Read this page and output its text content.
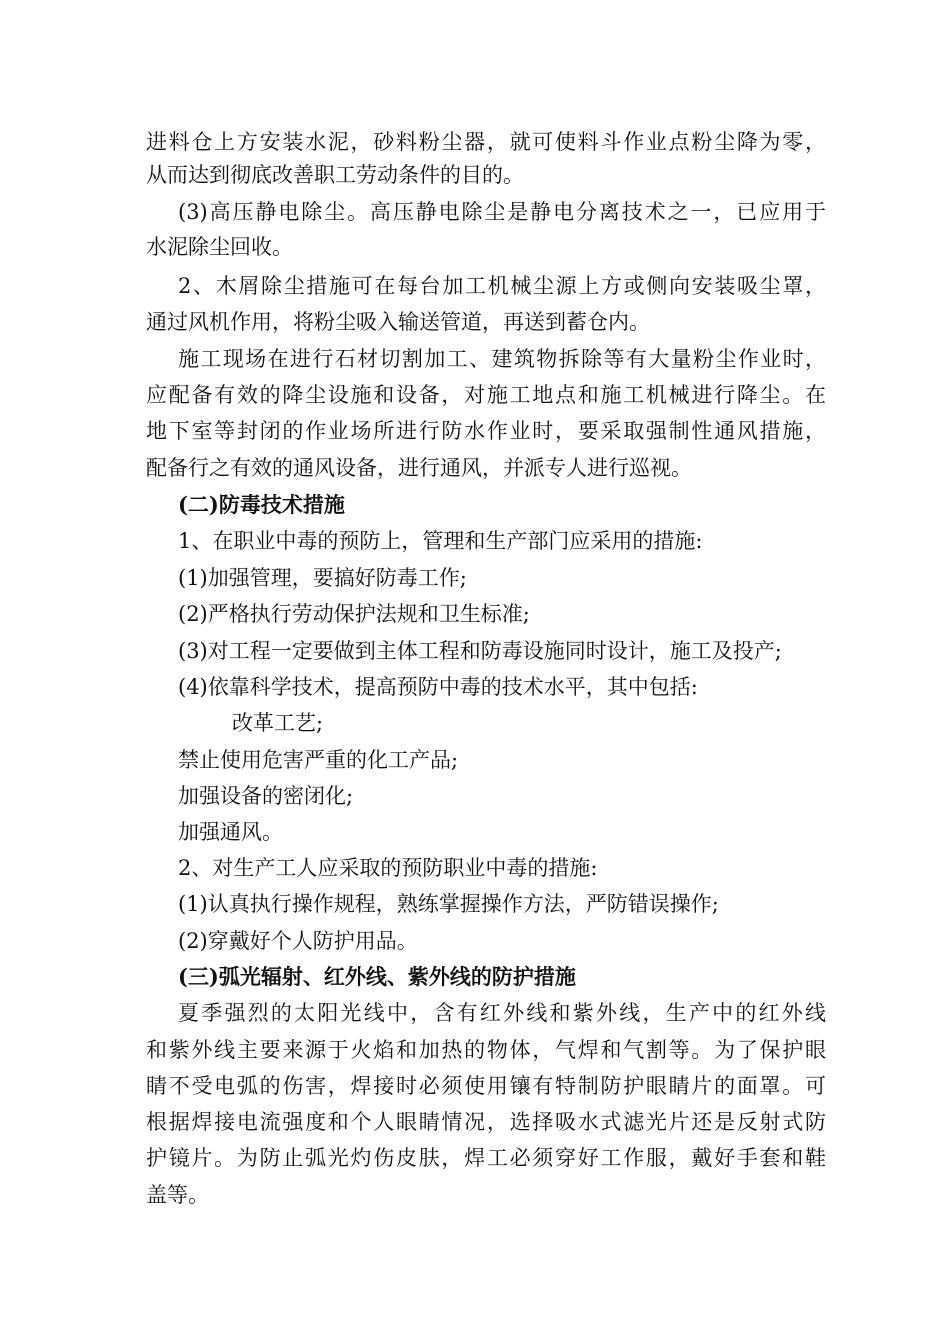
进料仓上方安装水泥，砂料粉尘器，就可使料斗作业点粉尘降为零，
从而达到彻底改善职工劳动条件的目的。
(3)高压静电除尘。高压静电除尘是静电分离技术之一，已应用于
水泥除尘回收。
2、木屑除尘措施可在每台加工机械尘源上方或侧向安装吸尘罩，
通过风机作用，将粉尘吸入输送管道，再送到蓄仓内。
施工现场在进行石材切割加工、建筑物拆除等有大量粉尘作业时，
应配备有效的降尘设施和设备，对施工地点和施工机械进行降尘。在
地下室等封闭的作业场所进行防水作业时，要采取强制性通风措施，
配备行之有效的通风设备，进行通风，并派专人进行巡视。
(二)防毒技术措施
1、在职业中毒的预防上，管理和生产部门应采用的措施:
(1)加强管理，要搞好防毒工作;
(2)严格执行劳动保护法规和卫生标准;
(3)对工程一定要做到主体工程和防毒设施同时设计，施工及投产;
(4)依靠科学技术，提高预防中毒的技术水平，其中包括:
改革工艺;
禁止使用危害严重的化工产品;
加强设备的密闭化;
加强通风。
2、对生产工人应采取的预防职业中毒的措施:
(1)认真执行操作规程，熟练掌握操作方法，严防错误操作;
(2)穿戴好个人防护用品。
(三)弧光辐射、红外线、紫外线的防护措施
夏季强烈的太阳光线中，含有红外线和紫外线，生产中的红外线
和紫外线主要来源于火焰和加热的物体，气焊和气割等。为了保护眼
睛不受电弧的伤害，焊接时必须使用镶有特制防护眼睛片的面罩。可
根据焊接电流强度和个人眼睛情况，选择吸水式滤光片还是反射式防
护镜片。为防止弧光灼伤皮肤，焊工必须穿好工作服，戴好手套和鞋
盖等。
